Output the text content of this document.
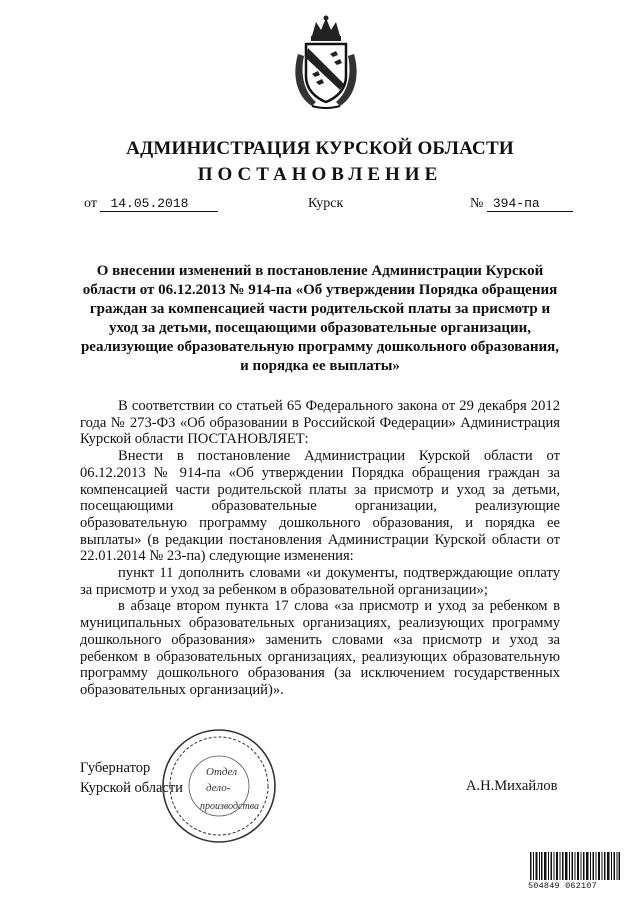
АДМИНИСТРАЦИЯ КУРСКОЙ ОБЛАСТИ
ПОСТАНОВЛЕНИЕ
от 14.05.2018	Курск	№ 394-па
О внесении изменений в постановление Администрации Курской
области от 06.12.2013 № 914-па «Об утверждении Порядка обращения
граждан за компенсацией части родительской платы за присмотр и
уход за детьми, посещающими образовательные организации,
реализующие образовательную программу дошкольного образования,
и порядка ее выплаты»

В соответствии со статьей 65 Федерального закона от 29 декабря 2012 года № 273-ФЗ «Об образовании в Российской Федерации» Администрация Курской области ПОСТАНОВЛЯЕТ:

Внести в постановление Администрации Курской области от 06.12.2013 № 914-па «Об утверждении Порядка обращения граждан за компенсацией части родительской платы за присмотр и уход за детьми, посещающими образовательные организации, реализующие образовательную программу дошкольного образования, и порядка ее выплаты» (в редакции постановления Администрации Курской области от 22.01.2014 № 23-па) следующие изменения:

пункт 11 дополнить словами «и документы, подтверждающие оплату за присмотр и уход за ребенком в образовательной организации»;

в абзаце втором пункта 17 слова «за присмотр и уход за ребенком в муниципальных образовательных организациях, реализующих программу дошкольного образования» заменить словами «за присмотр и уход за ребенком в образовательных организациях, реализующих образовательную программу дошкольного образования (за исключением государственных образовательных организаций)».

Губернатор
Курской области	А.Н.Михайлов
Отдел
дело-
производства
504849 062107
